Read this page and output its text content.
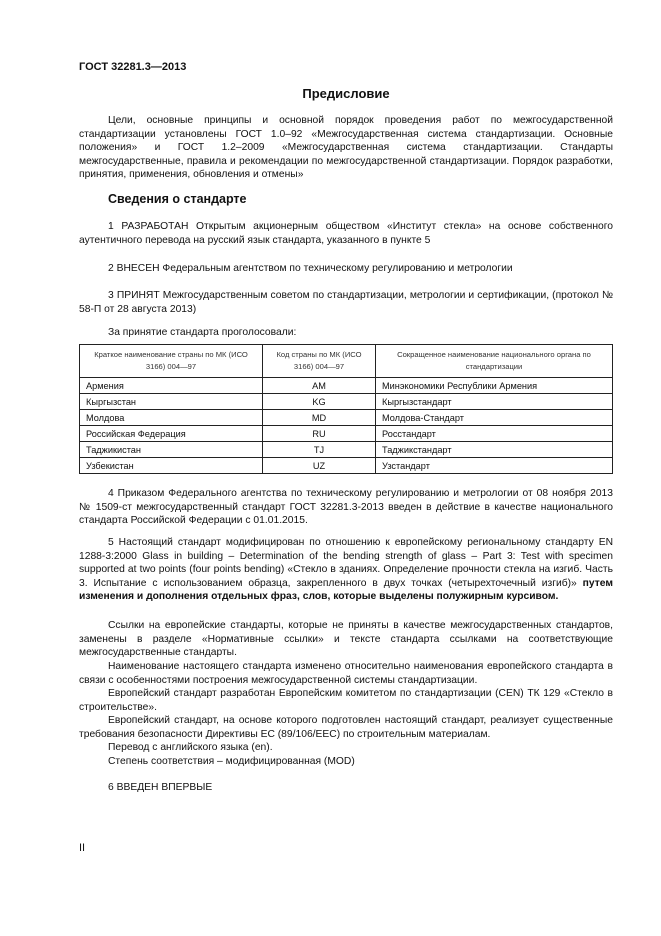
ГОСТ 32281.3—2013
Предисловие
Цели, основные принципы и основной порядок проведения работ по межгосударственной стандартизации установлены ГОСТ 1.0–92 «Межгосударственная система стандартизации. Основные положения» и ГОСТ 1.2–2009 «Межгосударственная система стандартизации. Стандарты межгосударственные, правила и рекомендации по межгосударственной стандартизации. Порядок разработки, принятия, применения, обновления и отмены»
Сведения о стандарте
1 РАЗРАБОТАН Открытым акционерным обществом «Институт стекла» на основе собственного аутентичного перевода на русский язык стандарта, указанного в пункте 5
2 ВНЕСЕН Федеральным агентством по техническому регулированию и метрологии
3 ПРИНЯТ Межгосударственным советом по стандартизации, метрологии и сертификации, (протокол № 58-П от 28 августа 2013)
За принятие стандарта проголосовали:
Краткое наименование страны по МК (ИСО 3166) 004—97	Код страны по МК (ИСО 3166) 004—97	Сокращенное наименование национального органа по стандартизации
Армения	AM	Минэкономики Республики Армения
Кыргызстан	KG	Кыргызстандарт
Молдова	MD	Молдова-Стандарт
Российская Федерация	RU	Росстандарт
Таджикистан	TJ	Таджикстандарт
Узбекистан	UZ	Узстандарт
4 Приказом Федерального агентства по техническому регулированию и метрологии от 08 ноября 2013 № 1509-ст межгосударственный стандарт ГОСТ 32281.3-2013 введен в действие в качестве национального стандарта Российской Федерации с 01.01.2015.
5 Настоящий стандарт модифицирован по отношению к европейскому региональному стандарту EN 1288-3:2000 Glass in building – Determination of the bending strength of glass – Part 3: Test with specimen supported at two points (four points bending) «Стекло в зданиях. Определение прочности стекла на изгиб. Часть 3. Испытание с использованием образца, закрепленного в двух точках (четырехточечный изгиб)» путем изменения и дополнения отдельных фраз, слов, которые выделены полужирным курсивом.
Ссылки на европейские стандарты, которые не приняты в качестве межгосударственных стандартов, заменены в разделе «Нормативные ссылки» и тексте стандарта ссылками на соответствующие межгосударственные стандарты.
Наименование настоящего стандарта изменено относительно наименования европейского стандарта в связи с особенностями построения межгосударственной системы стандартизации.
Европейский стандарт разработан Европейским комитетом по стандартизации (CEN) ТК 129 «Стекло в строительстве».
Европейский стандарт, на основе которого подготовлен настоящий стандарт, реализует существенные требования безопасности Директивы ЕС (89/106/EEC) по строительным материалам.
Перевод с английского языка (en).
Степень соответствия – модифицированная (MOD)
6 ВВЕДЕН ВПЕРВЫЕ
II
